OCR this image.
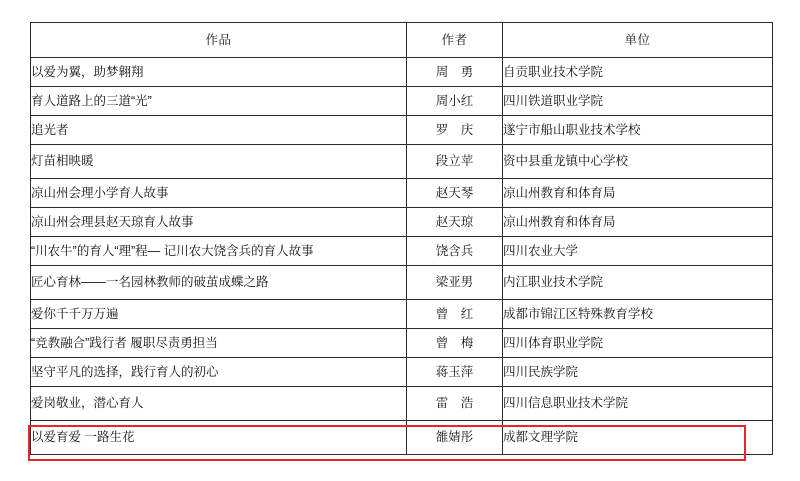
作品	作者	单位
以爱为翼，助梦翱翔	周　勇	自贡职业技术学院
育人道路上的三道“光”	周小红	四川铁道职业学院
追光者	罗　庆	遂宁市船山职业技术学校
灯苗相映暖	段立苹	资中县重龙镇中心学校
凉山州会理小学育人故事	赵天琴	凉山州教育和体育局
凉山州会理县赵天琼育人故事	赵天琼	凉山州教育和体育局
“川农牛”的育人“理”程— 记川农大饶含兵的育人故事	饶含兵	四川农业大学
匠心育林——一名园林教师的破茧成蝶之路	梁亚男	内江职业技术学院
爱你千千万万遍	曾　红	成都市锦江区特殊教育学校
“竞教融合”践行者 履职尽责勇担当	曾　梅	四川体育职业学院
坚守平凡的选择，践行育人的初心	蒋玉萍	四川民族学院
爱岗敬业，潜心育人	雷　浩	四川信息职业技术学院
以爱育爱 一路生花	雒婧彤	成都文理学院
